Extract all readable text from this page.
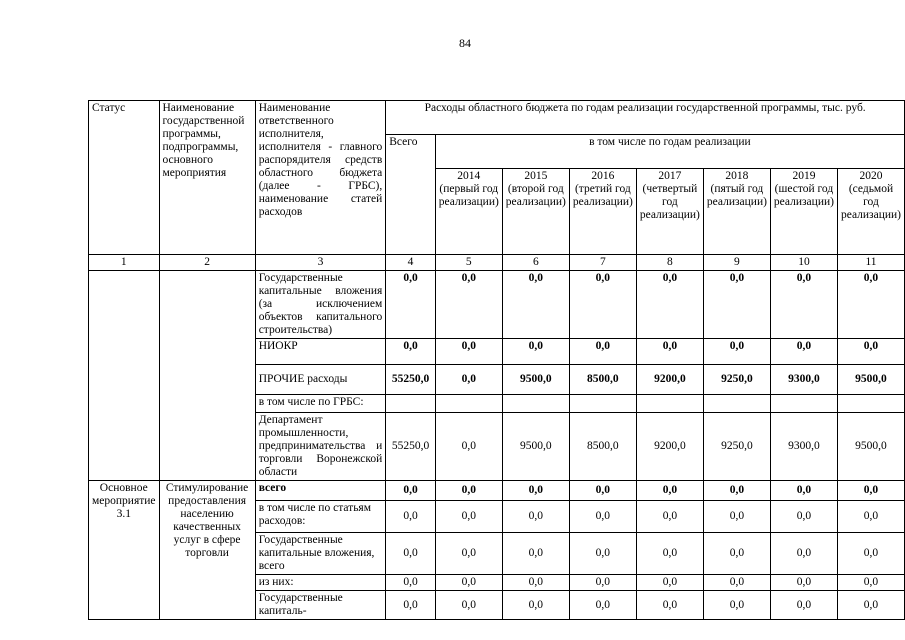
84
Статус	Наименование государственной программы, подпрограммы, основного мероприятия	Наименование ответственного исполнителя, исполнителя - главного распорядителя средств областного бюджета (далее - ГРБС), наименование статей расходов	Расходы областного бюджета по годам реализации государственной программы, тыс. руб.							
			Всего	в том числе по годам реализации						
				2014 (первый год реализации)	2015 (второй год реализации)	2016 (третий год реализации)	2017 (четвертый год реализации)	2018 (пятый год реализации)	2019 (шестой год реализации)	2020 (седьмой год реализации)
1	2	3	4	5	6	7	8	9	10	11
		Государственные капитальные вложения (за исключением объектов капитального строительства)	0,0	0,0	0,0	0,0	0,0	0,0	0,0	0,0
		НИОКР	0,0	0,0	0,0	0,0	0,0	0,0	0,0	0,0
		ПРОЧИЕ расходы	55250,0	0,0	9500,0	8500,0	9200,0	9250,0	9300,0	9500,0
		в том числе по ГРБС:								
		Департамент промышленности, предпринимательства и торговли Воронежской области	55250,0	0,0	9500,0	8500,0	9200,0	9250,0	9300,0	9500,0
Основное мероприятие 3.1	Стимулирование предоставления населению качественных услуг в сфере торговли	всего	0,0	0,0	0,0	0,0	0,0	0,0	0,0	0,0
		в том числе по статьям расходов:	0,0	0,0	0,0	0,0	0,0	0,0	0,0	0,0
		Государственные капитальные вложения, всего	0,0	0,0	0,0	0,0	0,0	0,0	0,0	0,0
		из них:	0,0	0,0	0,0	0,0	0,0	0,0	0,0	0,0
		Государственные капиталь-	0,0	0,0	0,0	0,0	0,0	0,0	0,0	0,0
